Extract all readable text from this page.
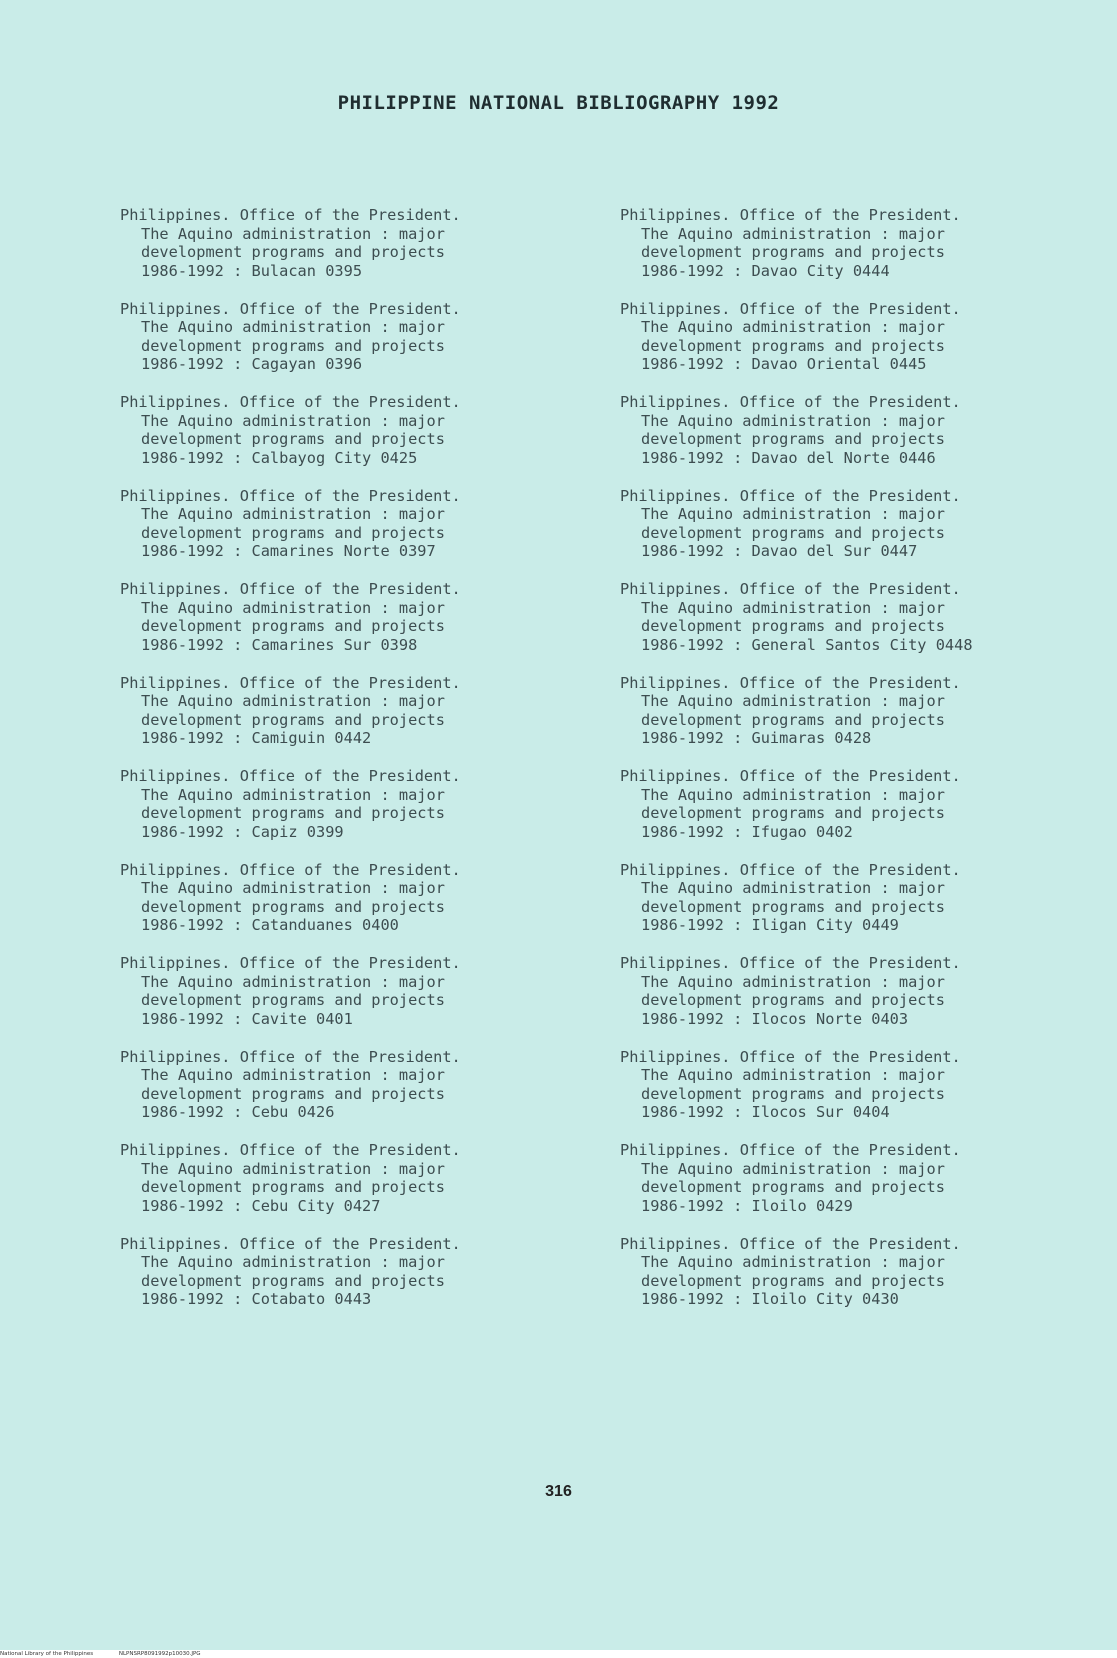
PHILIPPINE NATIONAL BIBLIOGRAPHY 1992
Philippines. Office of the President.
The Aquino administration : major
development programs and projects
1986-1992 : Bulacan 0395
Philippines. Office of the President.
The Aquino administration : major
development programs and projects
1986-1992 : Cagayan 0396
Philippines. Office of the President.
The Aquino administration : major
development programs and projects
1986-1992 : Calbayog City 0425
Philippines. Office of the President.
The Aquino administration : major
development programs and projects
1986-1992 : Camarines Norte 0397
Philippines. Office of the President.
The Aquino administration : major
development programs and projects
1986-1992 : Camarines Sur 0398
Philippines. Office of the President.
The Aquino administration : major
development programs and projects
1986-1992 : Camiguin 0442
Philippines. Office of the President.
The Aquino administration : major
development programs and projects
1986-1992 : Capiz 0399
Philippines. Office of the President.
The Aquino administration : major
development programs and projects
1986-1992 : Catanduanes 0400
Philippines. Office of the President.
The Aquino administration : major
development programs and projects
1986-1992 : Cavite 0401
Philippines. Office of the President.
The Aquino administration : major
development programs and projects
1986-1992 : Cebu 0426
Philippines. Office of the President.
The Aquino administration : major
development programs and projects
1986-1992 : Cebu City 0427
Philippines. Office of the President.
The Aquino administration : major
development programs and projects
1986-1992 : Cotabato 0443
Philippines. Office of the President.
The Aquino administration : major
development programs and projects
1986-1992 : Davao City 0444
Philippines. Office of the President.
The Aquino administration : major
development programs and projects
1986-1992 : Davao Oriental 0445
Philippines. Office of the President.
The Aquino administration : major
development programs and projects
1986-1992 : Davao del Norte 0446
Philippines. Office of the President.
The Aquino administration : major
development programs and projects
1986-1992 : Davao del Sur 0447
Philippines. Office of the President.
The Aquino administration : major
development programs and projects
1986-1992 : General Santos City 0448
Philippines. Office of the President.
The Aquino administration : major
development programs and projects
1986-1992 : Guimaras 0428
Philippines. Office of the President.
The Aquino administration : major
development programs and projects
1986-1992 : Ifugao 0402
Philippines. Office of the President.
The Aquino administration : major
development programs and projects
1986-1992 : Iligan City 0449
Philippines. Office of the President.
The Aquino administration : major
development programs and projects
1986-1992 : Ilocos Norte 0403
Philippines. Office of the President.
The Aquino administration : major
development programs and projects
1986-1992 : Ilocos Sur 0404
Philippines. Office of the President.
The Aquino administration : major
development programs and projects
1986-1992 : Iloilo 0429
Philippines. Office of the President.
The Aquino administration : major
development programs and projects
1986-1992 : Iloilo City 0430
316
National Library of the Philippines	NLPNSRP8091992p10030.JPG
